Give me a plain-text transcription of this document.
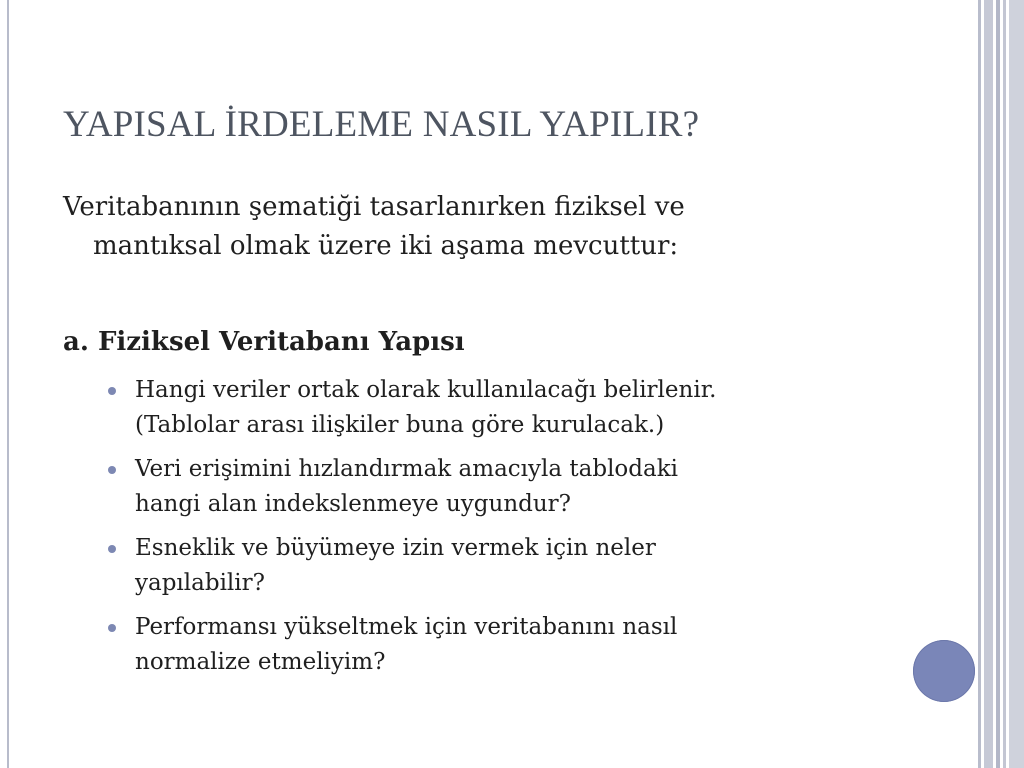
YAPISAL İRDELEME NASIL YAPILIR?

Veritabanının şematiği tasarlanırken fiziksel ve
mantıksal olmak üzere iki aşama mevcuttur:

a. Fiziksel Veritabanı Yapısı

Hangi veriler ortak olarak kullanılacağı belirlenir.
(Tablolar arası ilişkiler buna göre kurulacak.)
Veri erişimini hızlandırmak amacıyla tablodaki
hangi alan indekslenmeye uygundur?
Esneklik ve büyümeye izin vermek için neler
yapılabilir?
Performansı yükseltmek için veritabanını nasıl
normalize etmeliyim?
